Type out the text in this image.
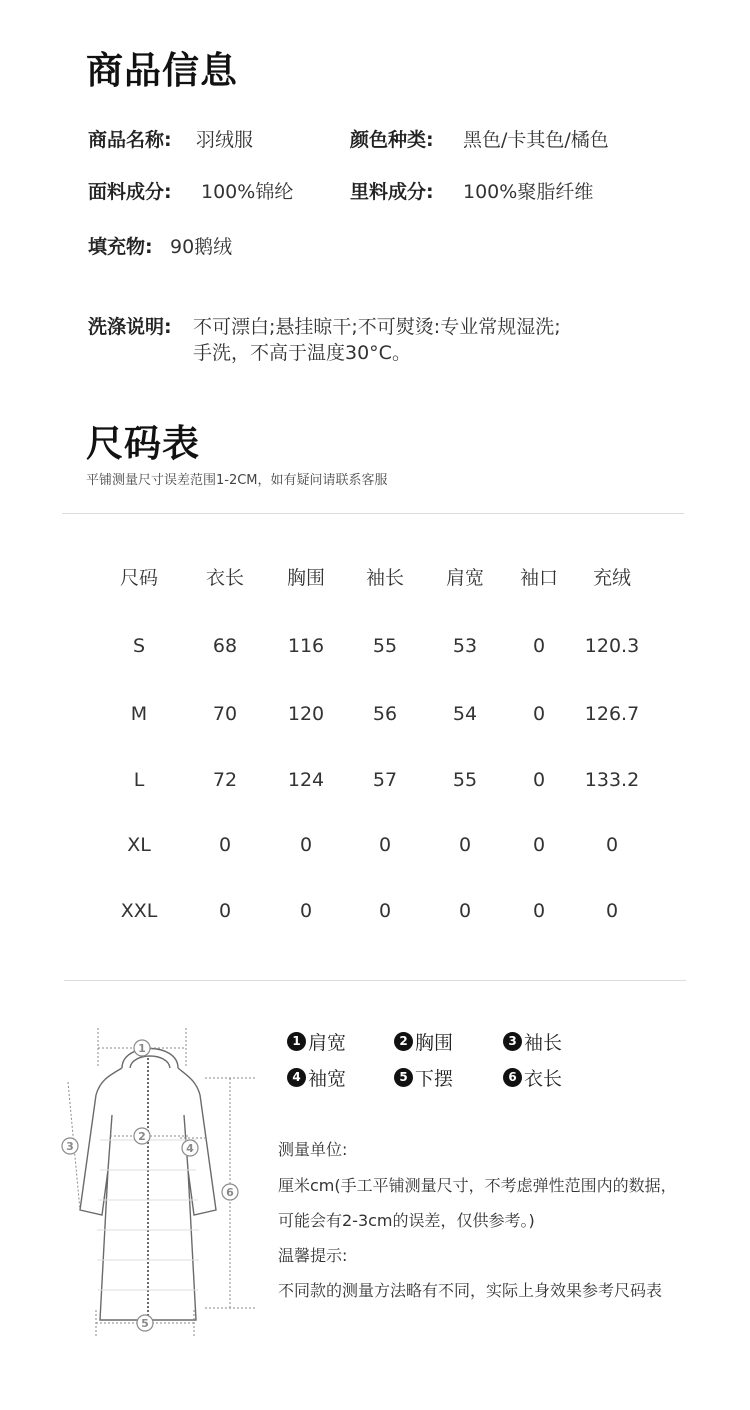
商品信息
商品名称: 羽绒服	颜色种类: 黑色/卡其色/橘色
面料成分: 100%锦纶	里料成分: 100%聚脂纤维
填充物: 90鹅绒
洗涤说明: 不可漂白;悬挂晾干;不可熨烫:专业常规湿洗;
手洗，不高于温度30°C。
尺码表
平铺测量尺寸误差范围1-2CM，如有疑问请联系客服
尺码	衣长	胸围	袖长	肩宽	袖口	充绒
S	68	116	55	53	0	120.3
M	70	120	56	54	0	126.7
L	72	124	57	55	0	133.2
XL	0	0	0	0	0	0
XXL	0	0	0	0	0	0
1
2
3	4
5
6
1 肩宽	2 胸围	3 袖长
4 袖宽	5 下摆	6 衣长
测量单位:
厘米cm(手工平铺测量尺寸，不考虑弹性范围内的数据，
可能会有2-3cm的误差，仅供参考。)
温馨提示:
不同款的测量方法略有不同，实际上身效果参考尺码表
